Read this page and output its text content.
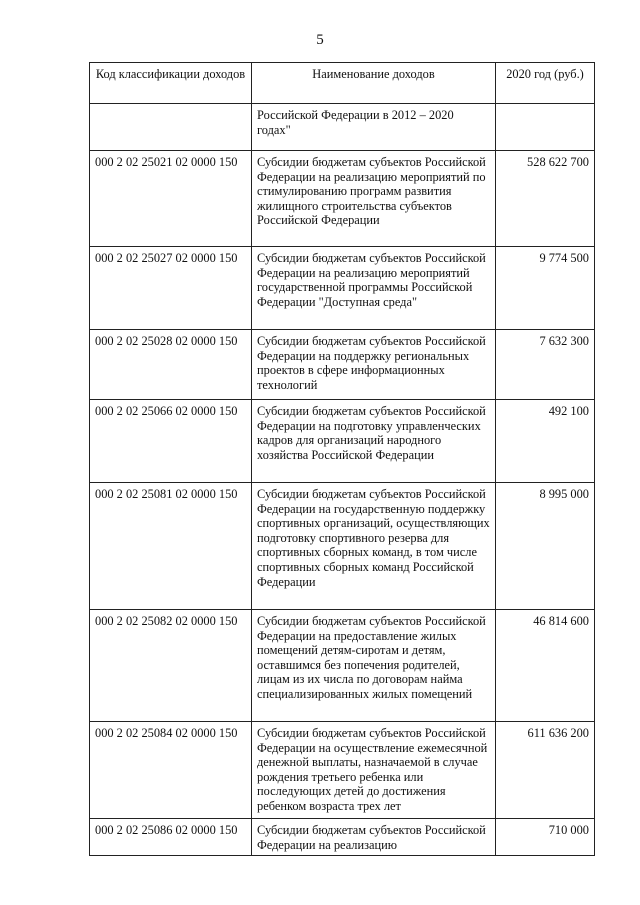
5
Код классификации доходов	Наименование доходов	2020 год (руб.)
	Российской Федерации в 2012 – 2020 годах"	
000 2 02 25021 02 0000 150	Субсидии бюджетам субъектов Российской Федерации на реализацию мероприятий по стимулированию программ развития жилищного строительства субъектов Российской Федерации	528 622 700
000 2 02 25027 02 0000 150	Субсидии бюджетам субъектов Российской Федерации на реализацию мероприятий государственной программы Российской Федерации "Доступная среда"	9 774 500
000 2 02 25028 02 0000 150	Субсидии бюджетам субъектов Российской Федерации на поддержку региональных проектов в сфере информационных технологий	7 632 300
000 2 02 25066 02 0000 150	Субсидии бюджетам субъектов Российской Федерации на подготовку управленческих кадров для организаций народного хозяйства Российской Федерации	492 100
000 2 02 25081 02 0000 150	Субсидии бюджетам субъектов Российской Федерации на государственную поддержку спортивных организаций, осуществляющих подготовку спортивного резерва для спортивных сборных команд, в том числе спортивных сборных команд Российской Федерации	8 995 000
000 2 02 25082 02 0000 150	Субсидии бюджетам субъектов Российской Федерации на предоставление жилых помещений детям-сиротам и детям, оставшимся без попечения родителей, лицам из их числа по договорам найма специализированных жилых помещений	46 814 600
000 2 02 25084 02 0000 150	Субсидии бюджетам субъектов Российской Федерации на осуществление ежемесячной денежной выплаты, назначаемой в случае рождения третьего ребенка или последующих детей до достижения ребенком возраста трех лет	611 636 200
000 2 02 25086 02 0000 150	Субсидии бюджетам субъектов Российской Федерации на реализацию	710 000
